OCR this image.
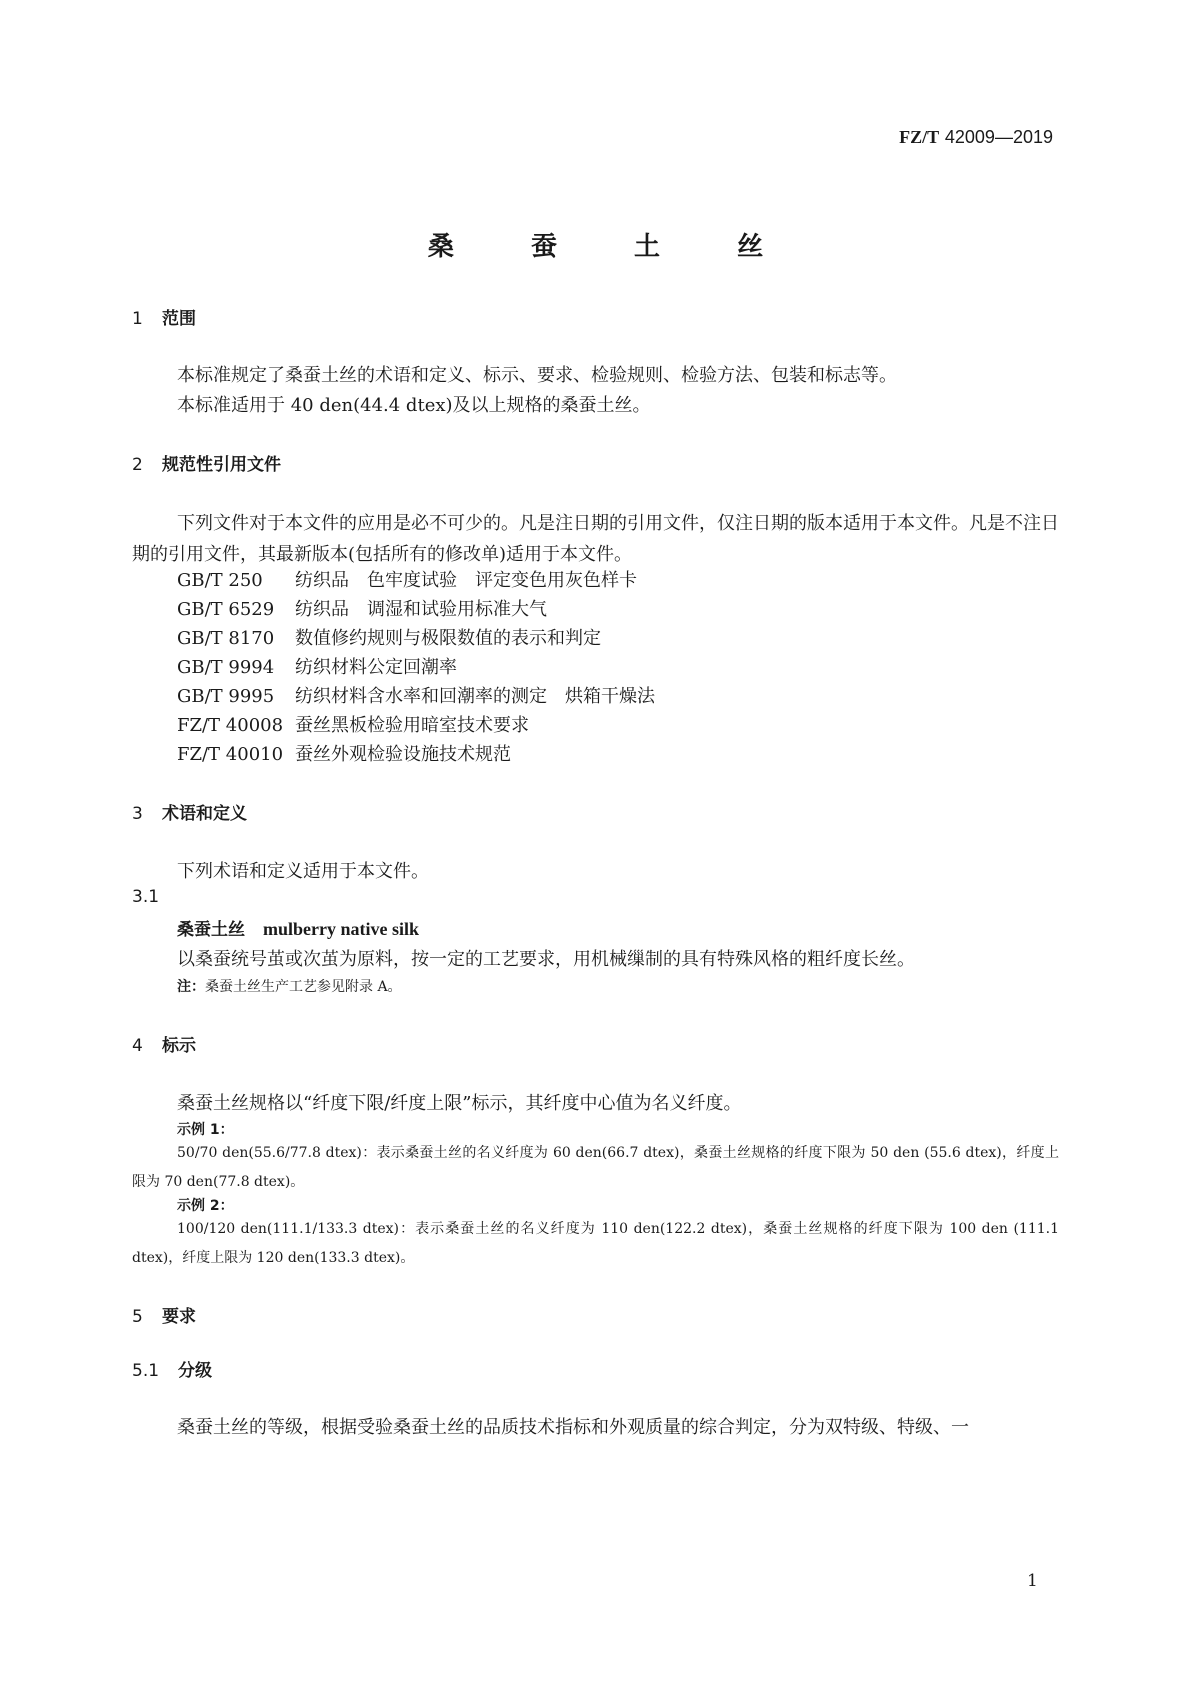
FZ/T 42009—2019
桑 蚕 土 丝
1 范围
本标准规定了桑蚕土丝的术语和定义、标示、要求、检验规则、检验方法、包装和标志等。
本标准适用于 40 den(44.4 dtex)及以上规格的桑蚕土丝。
2 规范性引用文件
下列文件对于本文件的应用是必不可少的。凡是注日期的引用文件，仅注日期的版本适用于本文件。凡是不注日期的引用文件，其最新版本(包括所有的修改单)适用于本文件。
GB/T 250 纺织品　色牢度试验　评定变色用灰色样卡
GB/T 6529 纺织品　调湿和试验用标准大气
GB/T 8170 数值修约规则与极限数值的表示和判定
GB/T 9994 纺织材料公定回潮率
GB/T 9995 纺织材料含水率和回潮率的测定　烘箱干燥法
FZ/T 40008 蚕丝黑板检验用暗室技术要求
FZ/T 40010 蚕丝外观检验设施技术规范
3 术语和定义
下列术语和定义适用于本文件。
3.1
桑蚕土丝 mulberry native silk
以桑蚕统号茧或次茧为原料，按一定的工艺要求，用机械缫制的具有特殊风格的粗纤度长丝。
注：桑蚕土丝生产工艺参见附录 A。
4 标示
桑蚕土丝规格以“纤度下限/纤度上限”标示，其纤度中心值为名义纤度。
示例 1：
50/70 den(55.6/77.8 dtex)：表示桑蚕土丝的名义纤度为 60 den(66.7 dtex)，桑蚕土丝规格的纤度下限为 50 den (55.6 dtex)，纤度上限为 70 den(77.8 dtex)。
示例 2：
100/120 den(111.1/133.3 dtex)：表示桑蚕土丝的名义纤度为 110 den(122.2 dtex)，桑蚕土丝规格的纤度下限为 100 den (111.1 dtex)，纤度上限为 120 den(133.3 dtex)。
5 要求
5.1 分级
桑蚕土丝的等级，根据受验桑蚕土丝的品质技术指标和外观质量的综合判定，分为双特级、特级、一
1
